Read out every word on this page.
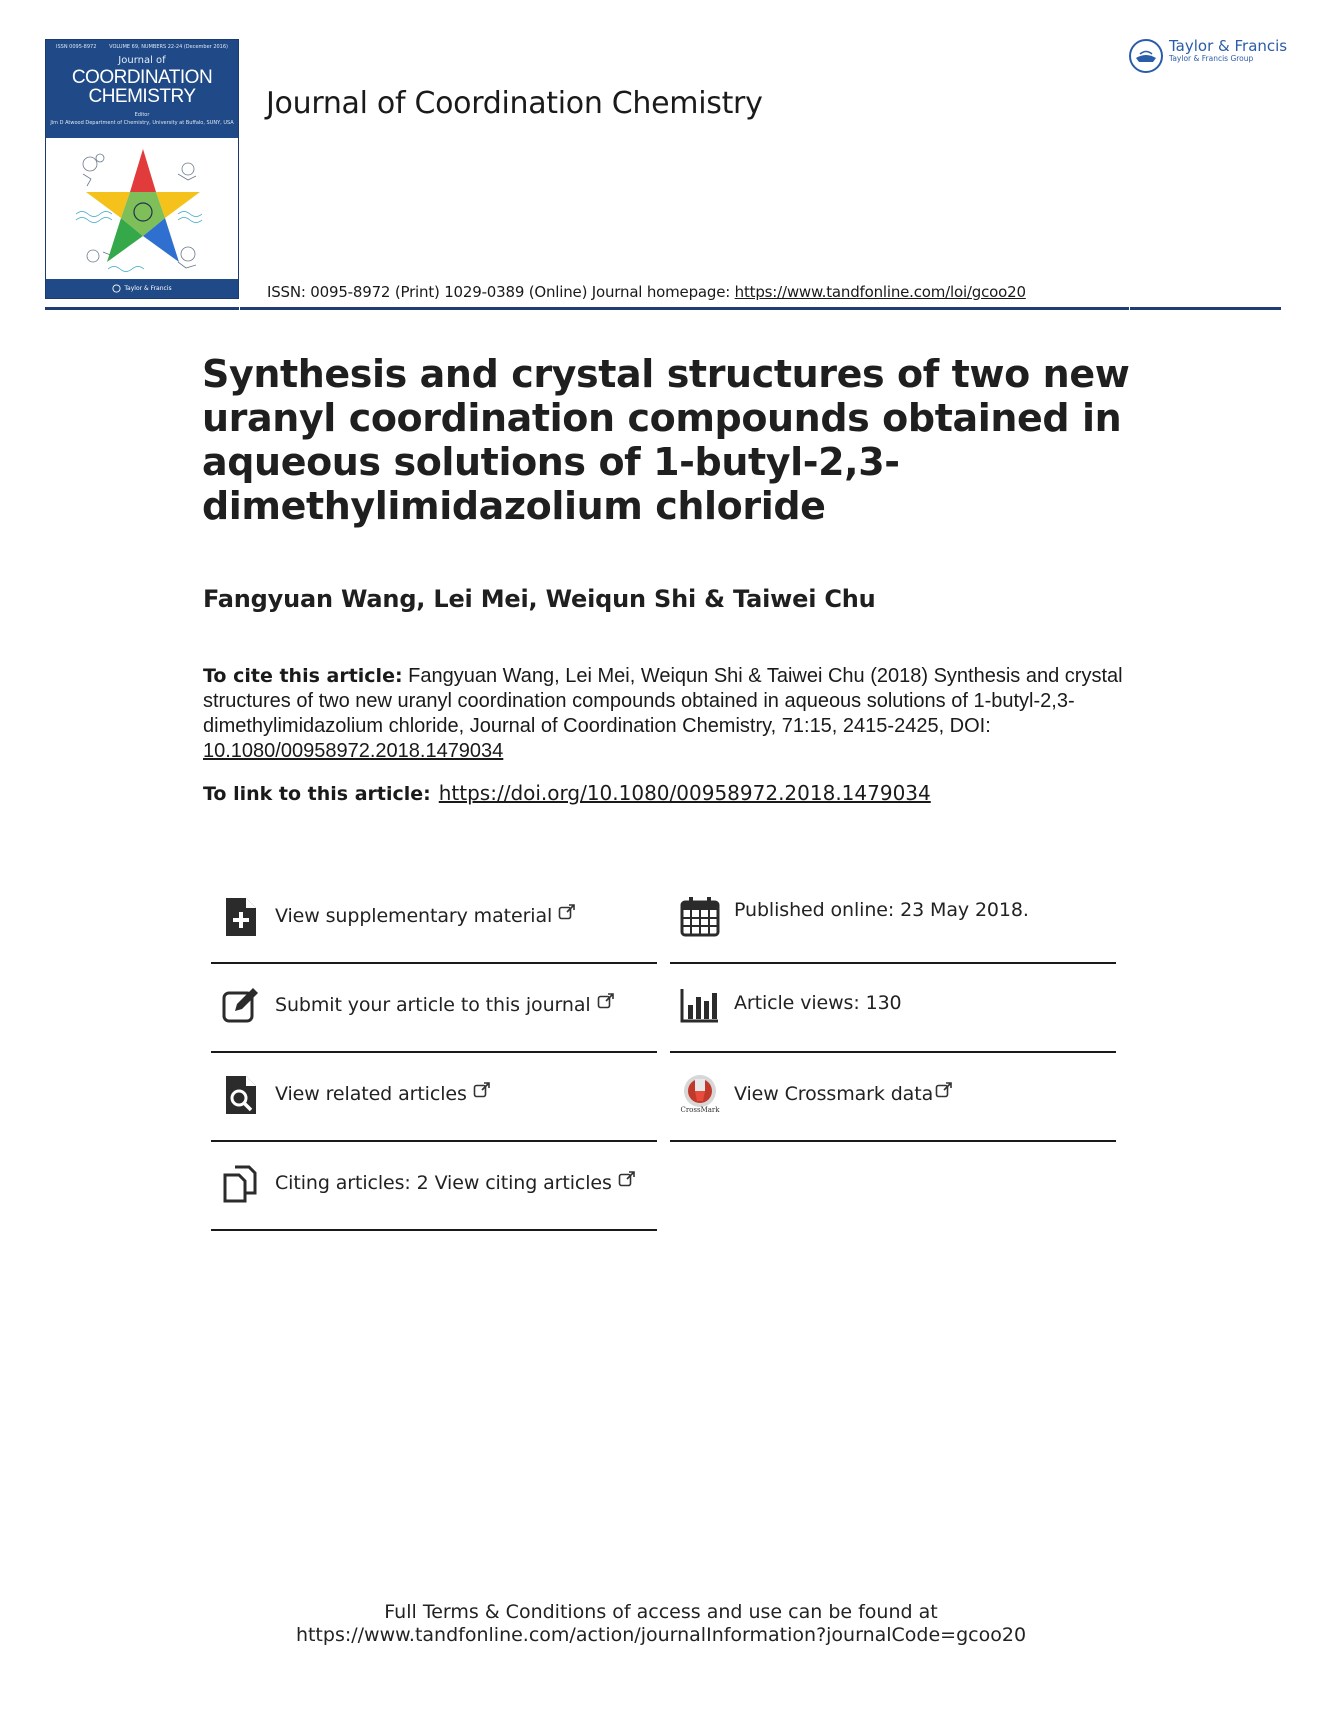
ISSN 0095-8972	VOLUME 69, NUMBERS 22-24 (December 2016)
Journal of
COORDINATION
CHEMISTRY
Editor
Jim D Atwood Department of Chemistry, University at Buffalo, SUNY, USA
Taylor & Francis
Journal of Coordination Chemistry
Taylor & Francis
Taylor & Francis Group
ISSN: 0095-8972 (Print) 1029-0389 (Online) Journal homepage: https://www.tandfonline.com/loi/gcoo20
Synthesis and crystal structures of two new uranyl coordination compounds obtained in aqueous solutions of 1-butyl-2,3-dimethylimidazolium chloride
Fangyuan Wang, Lei Mei, Weiqun Shi & Taiwei Chu
To cite this article: Fangyuan Wang, Lei Mei, Weiqun Shi & Taiwei Chu (2018) Synthesis and crystal structures of two new uranyl coordination compounds obtained in aqueous solutions of 1-butyl-2,3-dimethylimidazolium chloride, Journal of Coordination Chemistry, 71:15, 2415-2425, DOI: 10.1080/00958972.2018.1479034
To link to this article: https://doi.org/10.1080/00958972.2018.1479034
View supplementary material
Submit your article to this journal
View related articles
Citing articles: 2 View citing articles
Published online: 23 May 2018.
Article views: 130
CrossMark
View Crossmark data
Full Terms & Conditions of access and use can be found at
https://www.tandfonline.com/action/journalInformation?journalCode=gcoo20
